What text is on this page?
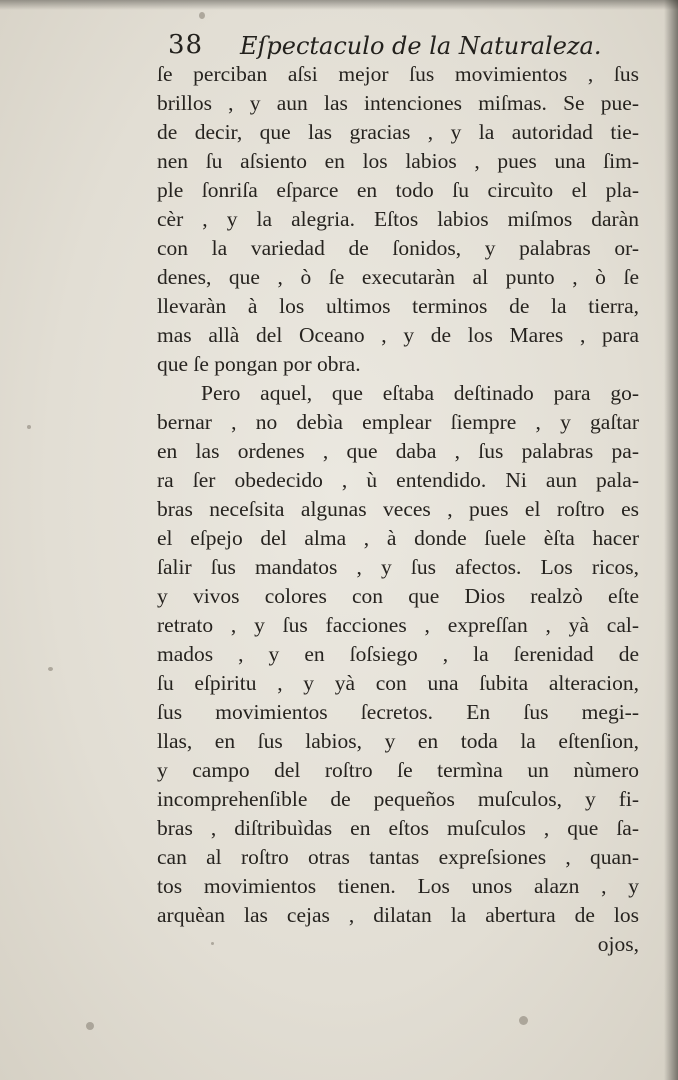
38 Eſpectaculo de la Naturaleza.
ſe perciban aſsi mejor ſus movimientos , ſus
brillos , y aun las intenciones miſmas. Se pue-
de decir, que las gracias , y la autoridad tie-
nen ſu aſsiento en los labios , pues una ſim-
ple ſonriſa eſparce en todo ſu circuìto el pla-
cèr , y la alegria. Eſtos labios miſmos daràn
con la variedad de ſonidos, y palabras or-
denes, que , ò ſe executaràn al punto , ò ſe
llevaràn à los ultimos terminos de la tierra,
mas allà del Oceano , y de los Mares , para
que ſe pongan por obra.
Pero aquel, que eſtaba deſtinado para go-
bernar , no debìa emplear ſiempre , y gaſtar
en las ordenes , que daba , ſus palabras pa-
ra ſer obedecido , ù entendido. Ni aun pala-
bras neceſsita algunas veces , pues el roſtro es
el eſpejo del alma , à donde ſuele èſta hacer
ſalir ſus mandatos , y ſus afectos. Los ricos,
y vivos colores con que Dios realzò eſte
retrato , y ſus facciones , expreſſan , yà cal-
mados , y en ſoſsiego , la ſerenidad de
ſu eſpiritu , y yà con una ſubita alteracion,
ſus movimientos ſecretos. En ſus megi--
llas, en ſus labios, y en toda la eſtenſion,
y campo del roſtro ſe termìna un nùmero
incomprehenſible de pequeños muſculos, y fi-
bras , diſtribuìdas en eſtos muſculos , que ſa-
can al roſtro otras tantas expreſsiones , quan-
tos movimientos tienen. Los unos alazn , y
arquèan las cejas , dilatan la abertura de los
ojos,
